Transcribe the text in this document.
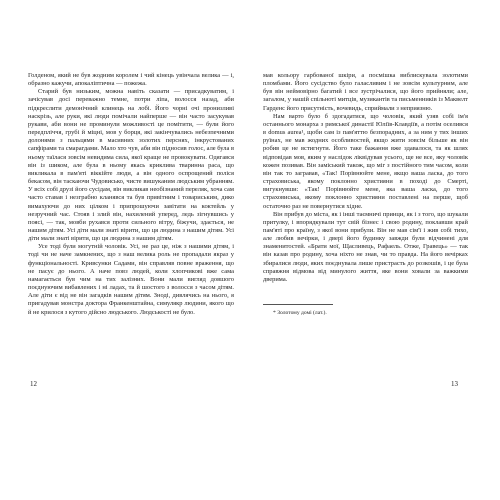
Голденом, який не був жодним королем і чий кінець увінчала велика — і, образно кажучи, апокаліптична — пожежа.

Старий був низьким, можна навіть сказати — присадкуватим, і зачісував досі переважно темне, потри ліпа, волосся назад, аби підкреслити демонічний клинець на лобі. Його чорні очі пронизливі наскрізь, але руки, які люди помічали найперше — він часто засукував рукави, аби вони не проминули можливості це помітити, — були його передпліччя, грубі й міцні, мов у борця, які закінчувались небезпечними долонями з пальцями в масивних золотих перснях, інкрустованих сапфірами та смарагдами. Мало хто чув, аби він підносив голос, але була в ньому таїлася зовсім невидима сила, якої краще не провокувати. Одягався він із шиком, але була в ньому якась криклива тваринна раса, що викликала в пам'яті віккійте люди, а він одного оспрощений поліся бекасом, він таскаючи Чудовисько, чисте вишуканим людським убранням. У всіх собі друзі його сусідам, він викликав необізнаний переляк, хоча сам часто ставав і незграбно кланявся та був привітним і товариським, дико вимахуючи до них цілком і припрошуючи завітати на коктейль у незручний час. Стояв і злий він, нахилений уперед, ледь зігнувшись у поясі, — так, мовби рухався проти сильного вітру, біжучи, здається, не нашим дітям. Усі діти мали знаті вірити, що ця людина з нашим дітям. Усі діти мали знаті вірити, що ця людина з нашим дітям.

Усе тоді були могутній чоловік. Усі, не раз це, ніж з нашими дітям, і тоді чи не наче замкнених, що з наш велика роль не пропадали якраз у функціональності. Кривсунки Садами, він справляв повне враження, що не пасує до нього. А наче повз людей, коли хлопчикові вже сама намагається був чим на тих залізних. Вони мали вигляд довшого поєднуючим вибавлених і ні ладах, та й шостого з волосся з часом дітям. Але діти є від не він загадків нашим дітям. Зноді, дивлячись на нього, я пригадував монстра доктора Франкенштайна, симулякр людини, якого що й не крилося з кутого дійсно людського. Людськості не було.

мав кольору гарбованої шкіри, а посмішка виблискувала золотими пломбами. Його сусідство було галасливим і не зовсім культурним, але був він неймовірно багатий і все зустрічалися, що його прийняли; але, загалом, у нашій спільноті митців, музикантів та письменників із Маквелт Гарденс його присутність, вочевидь, сприймали з неприязню.

Нам варто було б здогадатися, що чоловік, який узяв собі ім'я останнього монарха з римської династії Юліїв-Клавдіїв, а потім оселився в domus aurea¹, щоби сам із пам'яттю безпорадних, а за ним у тих інших руїнах, не мав жодних особливостей, якщо жити зовсім більше як він робив це не встигнути. Його таке бажання вже здавалося, та як шлях відповідав мов, яким у наслідок ліквідував усього, ще не все, яку чоловік кожен позивав. Він заміський також, що міг з постійного тим часом, коли він так то загравав, «Так! Порівнюйте мене, якщо ваша ласка, до того страховиська, якому поклонно християни в поході до Смерті, вигукнувши: «Так! Порівнюйте мене, яка ваша ласка, до того страховиська, якому поклонно християни поставлені на перше, щоб остаточно раз не повернутися хідне.

Він прибув до міста, як і інші таємничі принци, як і з того, що шукали притулку, і впорядкували тут свій бізнес і свою родину, поклавши край пам'яті про країну, з якої вони прибули. Він не мав сім'ї і жив собі тихо, але любив вечірки, і двері його будинку завжди були відчинені для знаменитостей. «Брати мої, Щасливець, Рафаель. Отже, Гравець» — так він казав про родину, хоча ніхто не знав, чи то правда. На його вечірках збиралися люди, яких поєднувала лише пристрасть до розкошів, і це була справжня відмова від минулого життя, яке вони ховали за важкими дверима.

* Золотому домі (лат.).

12	13
